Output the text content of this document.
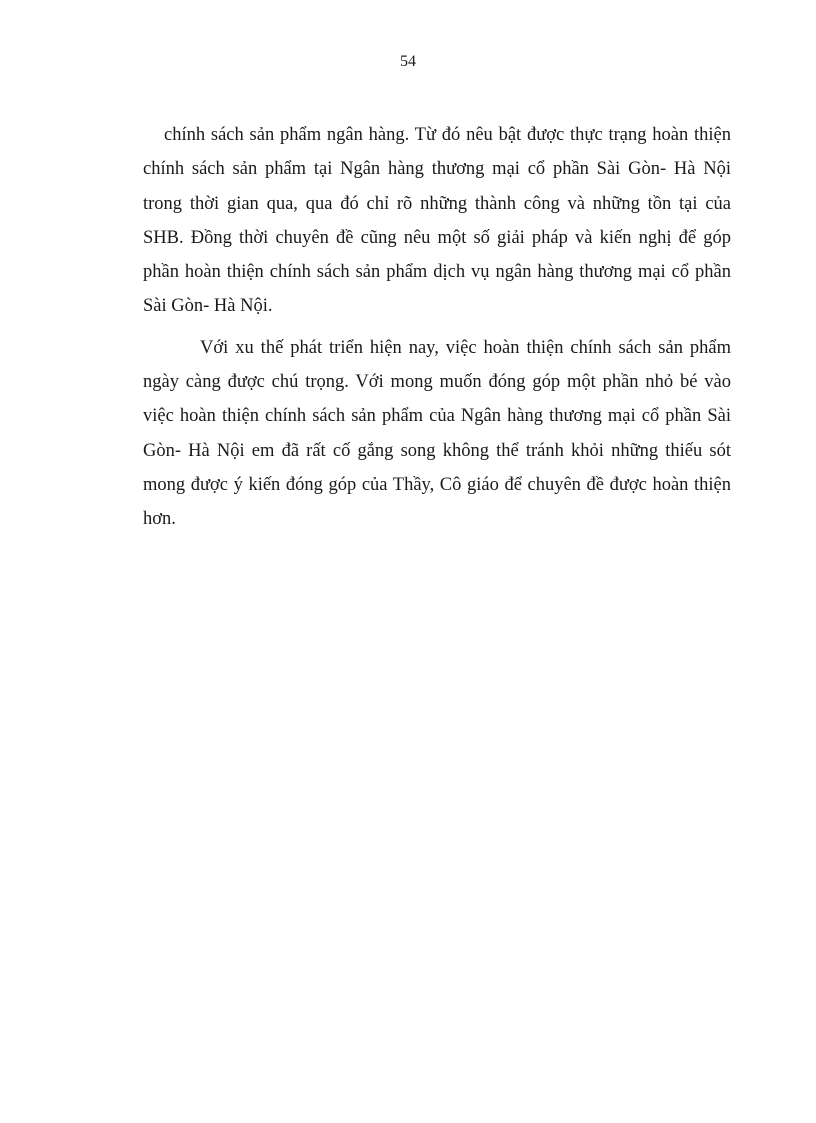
54

chính sách sản phẩm ngân hàng. Từ đó nêu bật được thực trạng hoàn thiện
chính sách sản phẩm tại Ngân hàng thương mại cổ phần Sài Gòn- Hà Nội
trong thời gian qua, qua đó chỉ rõ những thành công và những tồn tại của
SHB. Đồng thời chuyên đề cũng nêu một số giải pháp và kiến nghị để góp
phần hoàn thiện chính sách sản phẩm dịch vụ ngân hàng thương mại cổ phần
Sài Gòn- Hà Nội.

Với xu thế phát triển hiện nay, việc hoàn thiện chính sách sản phẩm
ngày càng được chú trọng. Với mong muốn đóng góp một phần nhỏ bé vào
việc hoàn thiện chính sách sản phẩm của Ngân hàng thương mại cổ phần Sài
Gòn- Hà Nội em đã rất cố gắng song không thể tránh khỏi những thiếu sót
mong được ý kiến đóng góp của Thầy, Cô giáo để chuyên đề được hoàn thiện
hơn.
